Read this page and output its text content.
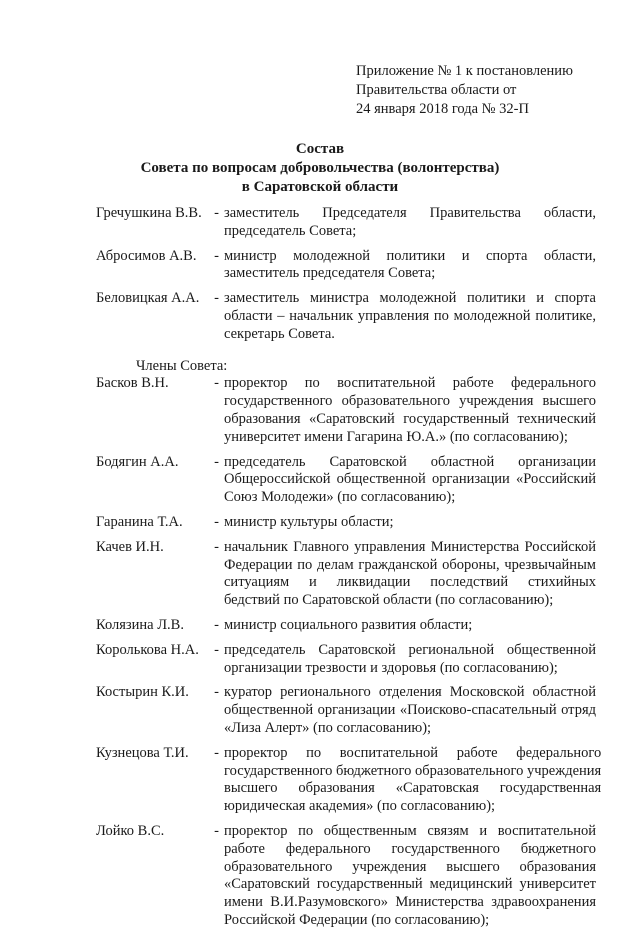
Приложение № 1 к постановлению
Правительства области от
24 января 2018 года № 32-П
Состав
Совета по вопросам добровольчества (волонтерства)
в Саратовской области
Гречушкина В.В. - заместитель Председателя Правительства области,
председатель Совета;
Абросимов А.В.	- министр молодежной политики и спорта области,
заместитель председателя Совета;
Беловицкая А.А.	- заместитель министра молодежной политики и спорта
области – начальник управления по молодежной политике,
секретарь Совета.
Члены Совета:
Басков В.Н.	- проректор по воспитательной работе федерального
государственного образовательного учреждения высшего
образования «Саратовский государственный технический
университет имени Гагарина Ю.А.» (по согласованию);
Бодягин А.А.	- председатель Саратовской областной организации
Общероссийской общественной организации «Российский
Союз Молодежи» (по согласованию);
Гаранина Т.А.	- министр культуры области;
Качев И.Н.	- начальник Главного управления Министерства Российской
Федерации по делам гражданской обороны, чрезвычайным
ситуациям и ликвидации последствий стихийных
бедствий по Саратовской области (по согласованию);
Колязина Л.В.	- министр социального развития области;
Королькова Н.А.	- председатель Саратовской региональной общественной
организации трезвости и здоровья (по согласованию);
Костырин К.И.	- куратор регионального отделения Московской областной
общественной организации «Поисково-спасательный отряд
«Лиза Алерт» (по согласованию);
Кузнецова Т.И.	- проректор по воспитательной работе федерального
государственного бюджетного образовательного учреждения
высшего образования «Саратовская государственная
юридическая академия» (по согласованию);
Лойко В.С.	- проректор по общественным связям и воспитательной
работе федерального государственного бюджетного
образовательного учреждения высшего образования
«Саратовский государственный медицинский университет
имени В.И.Разумовского» Министерства здравоохранения
Российской Федерации (по согласованию);
